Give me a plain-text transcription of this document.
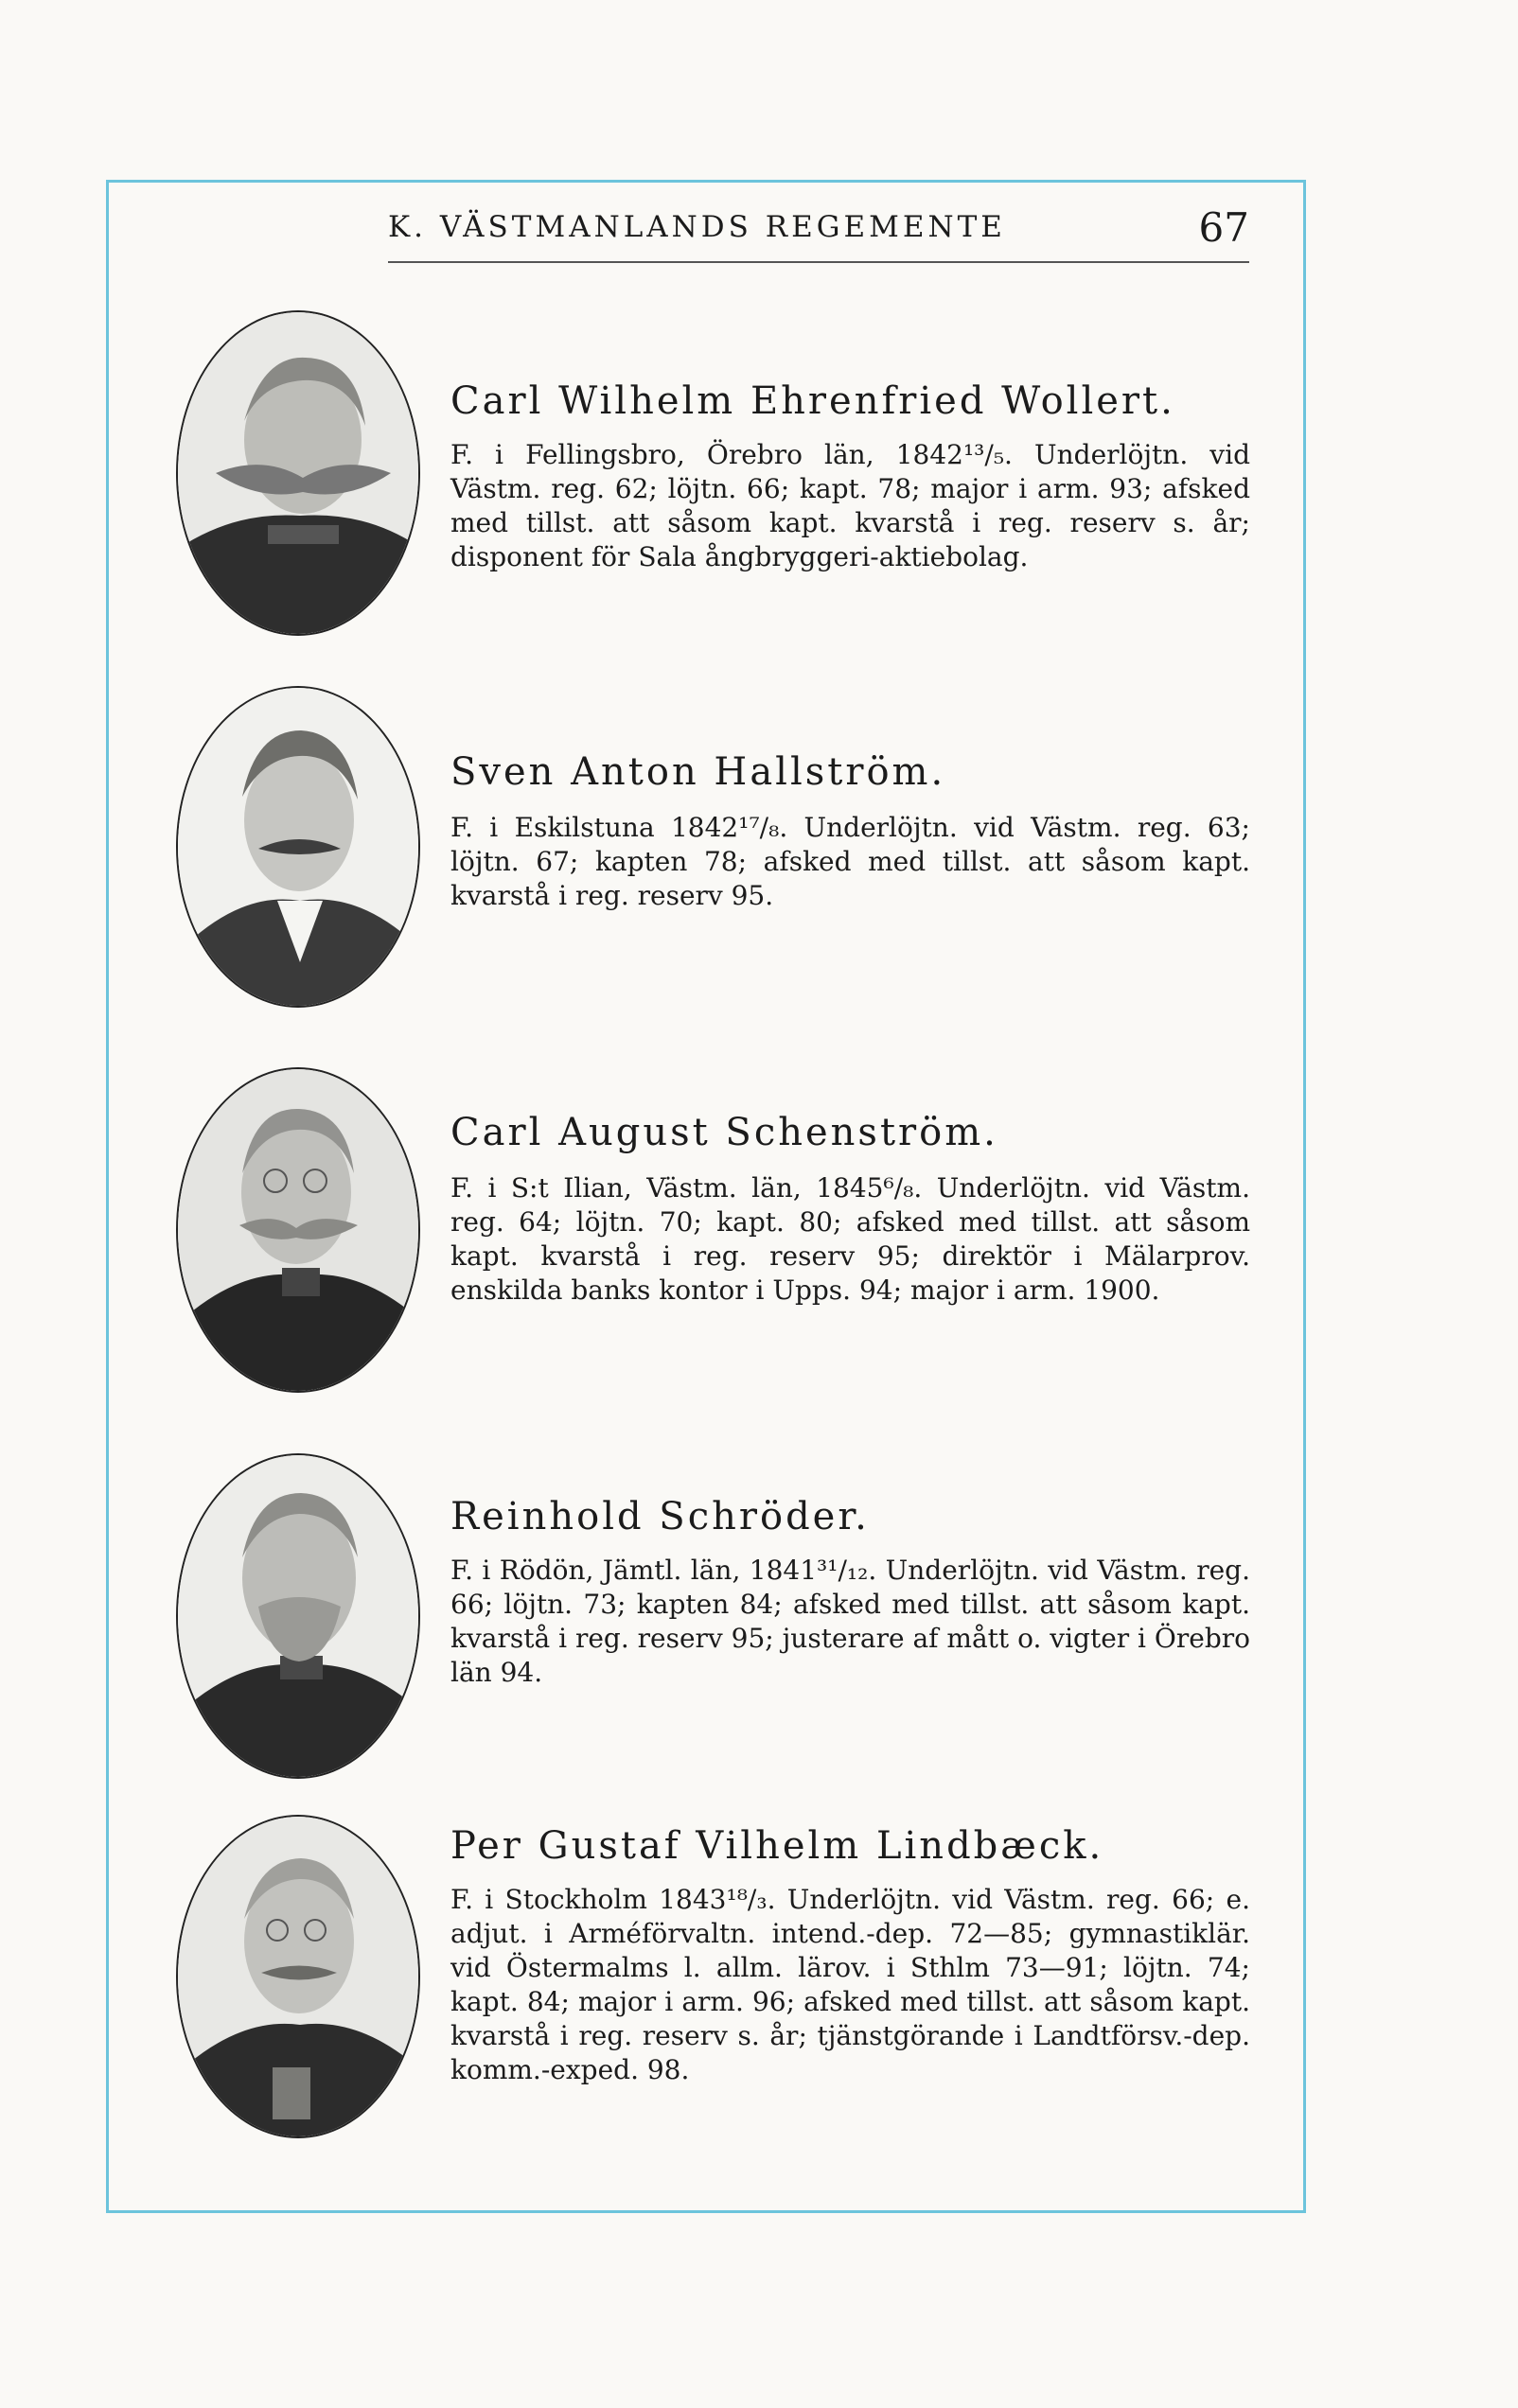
K. VÄSTMANLANDS REGEMENTE	67
Carl Wilhelm Ehrenfried Wollert.
F. i Fellingsbro, Örebro län, 1842¹³/₅. Underlöjtn. vid Västm. reg. 62; löjtn. 66; kapt. 78; major i arm. 93; afsked med tillst. att såsom kapt. kvarstå i reg. reserv s. år; disponent för Sala ångbryggeri-aktiebolag.
Sven Anton Hallström.
F. i Eskilstuna 1842¹⁷/₈. Underlöjtn. vid Västm. reg. 63; löjtn. 67; kapten 78; afsked med tillst. att såsom kapt. kvarstå i reg. reserv 95.
Carl August Schenström.
F. i S:t Ilian, Västm. län, 1845⁶/₈. Underlöjtn. vid Västm. reg. 64; löjtn. 70; kapt. 80; afsked med tillst. att såsom kapt. kvarstå i reg. reserv 95; direktör i Mälarprov. enskilda banks kontor i Upps. 94; major i arm. 1900.
Reinhold Schröder.
F. i Rödön, Jämtl. län, 1841³¹/₁₂. Underlöjtn. vid Västm. reg. 66; löjtn. 73; kapten 84; afsked med tillst. att såsom kapt. kvarstå i reg. reserv 95; justerare af mått o. vigter i Örebro län 94.
Per Gustaf Vilhelm Lindbæck.
F. i Stockholm 1843¹⁸/₃. Underlöjtn. vid Västm. reg. 66; e. adjut. i Arméförvaltn. intend.-dep. 72—85; gymnastiklär. vid Östermalms l. allm. lärov. i Sthlm 73—91; löjtn. 74; kapt. 84; major i arm. 96; afsked med tillst. att såsom kapt. kvarstå i reg. reserv s. år; tjänstgörande i Landtförsv.-dep. komm.-exped. 98.
